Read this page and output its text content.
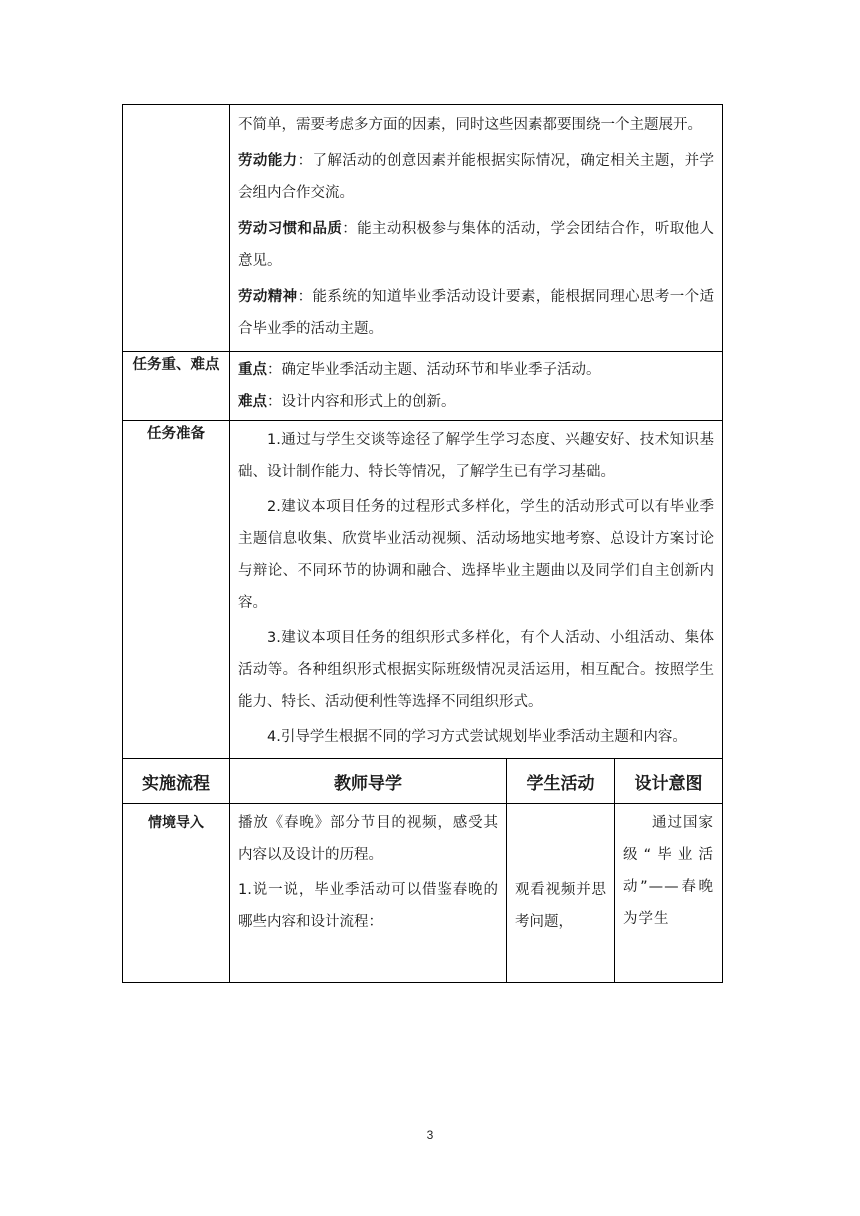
	不简单，需要考虑多方面的因素，同时这些因素都要围绕一个主题展开。

劳动能力：了解活动的创意因素并能根据实际情况，确定相关主题，并学会组内合作交流。

劳动习惯和品质：能主动积极参与集体的活动，学会团结合作，听取他人意见。

劳动精神：能系统的知道毕业季活动设计要素，能根据同理心思考一个适合毕业季的活动主题。		

任务重、难点	重点：确定毕业季活动主题、活动环节和毕业季子活动。

难点：设计内容和形式上的创新。		

任务准备	1.通过与学生交谈等途径了解学生学习态度、兴趣安好、技术知识基础、设计制作能力、特长等情况，了解学生已有学习基础。

2.建议本项目任务的过程形式多样化，学生的活动形式可以有毕业季主题信息收集、欣赏毕业活动视频、活动场地实地考察、总设计方案讨论与辩论、不同环节的协调和融合、选择毕业主题曲以及同学们自主创新内容。

3.建议本项目任务的组织形式多样化，有个人活动、小组活动、集体活动等。各种组织形式根据实际班级情况灵活运用，相互配合。按照学生能力、特长、活动便利性等选择不同组织形式。

4.引导学生根据不同的学习方式尝试规划毕业季活动主题和内容。		

实施流程	教师导学	学生活动	设计意图
情境导入	播放《春晚》部分节目的视频，感受其内容以及设计的历程。

1.说一说，毕业季活动可以借鉴春晚的哪些内容和设计流程：	观看视频并思考问题，	通过国家级“毕业活动”——春晚为学生

3
